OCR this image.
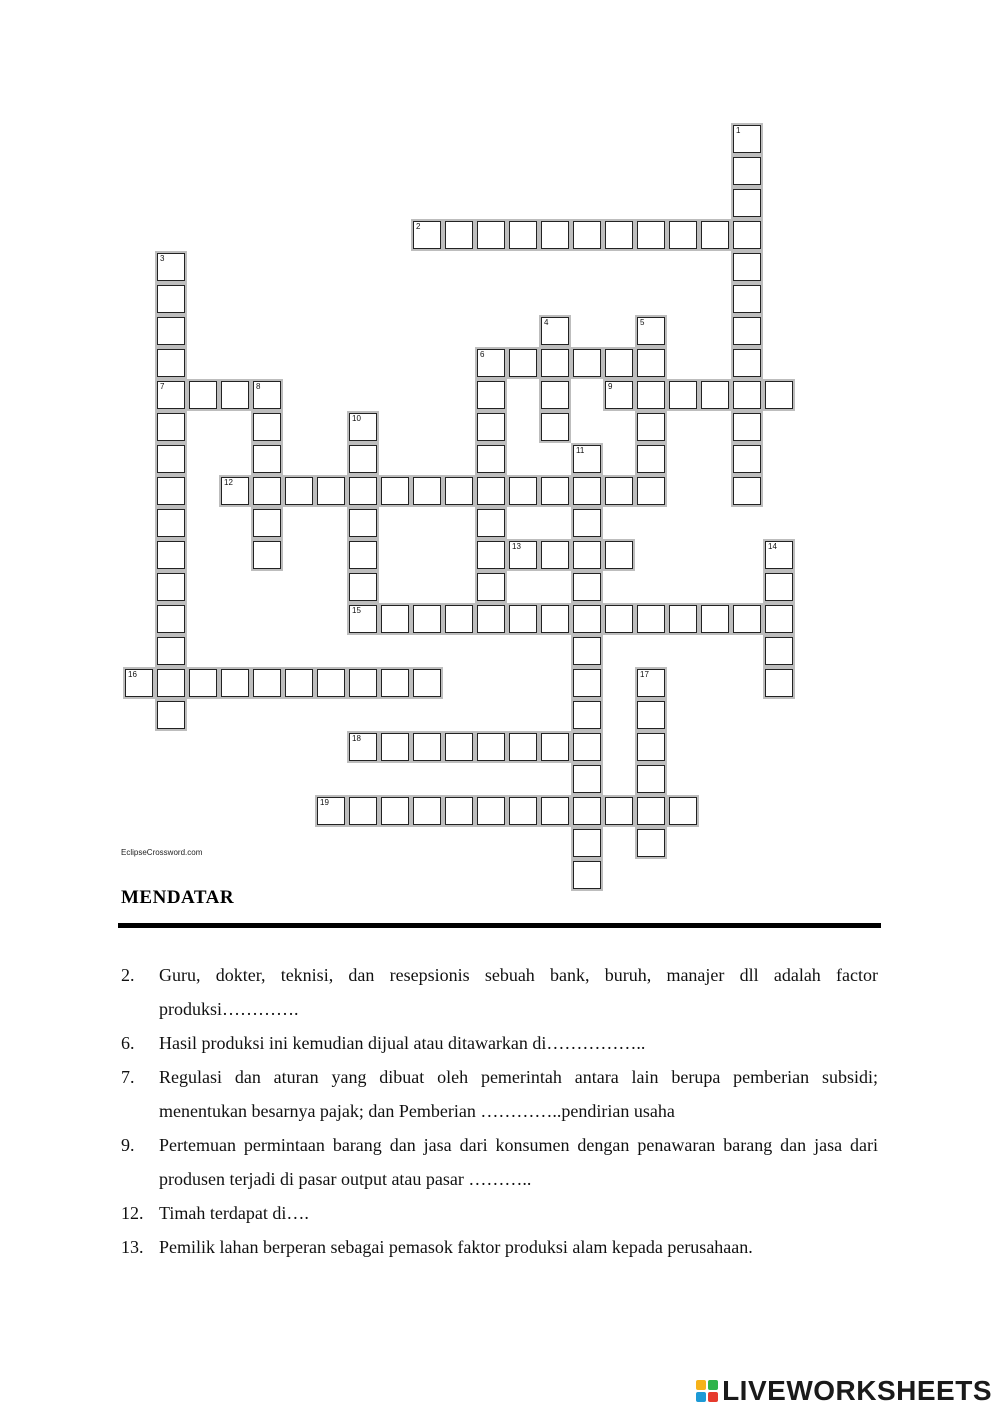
1
2
3
7
4	5
6
8	9
10
11
12
13	14
15
16	17
18
19
EclipseCrossword.com
MENDATAR
2.	Guru, dokter, teknisi, dan resepsionis sebuah bank, buruh, manajer dll adalah factor produksi………….
6.	Hasil produksi ini kemudian dijual atau ditawarkan di……………..
7.	Regulasi dan aturan yang dibuat oleh pemerintah antara lain berupa pemberian subsidi; menentukan besarnya pajak; dan Pemberian …………..pendirian usaha
9.	Pertemuan permintaan barang dan jasa dari konsumen dengan penawaran barang dan jasa dari produsen terjadi di pasar output atau pasar ………..
12. Timah terdapat di….
13. Pemilik lahan berperan sebagai pemasok faktor produksi alam kepada perusahaan.
LIVEWORKSHEETS
